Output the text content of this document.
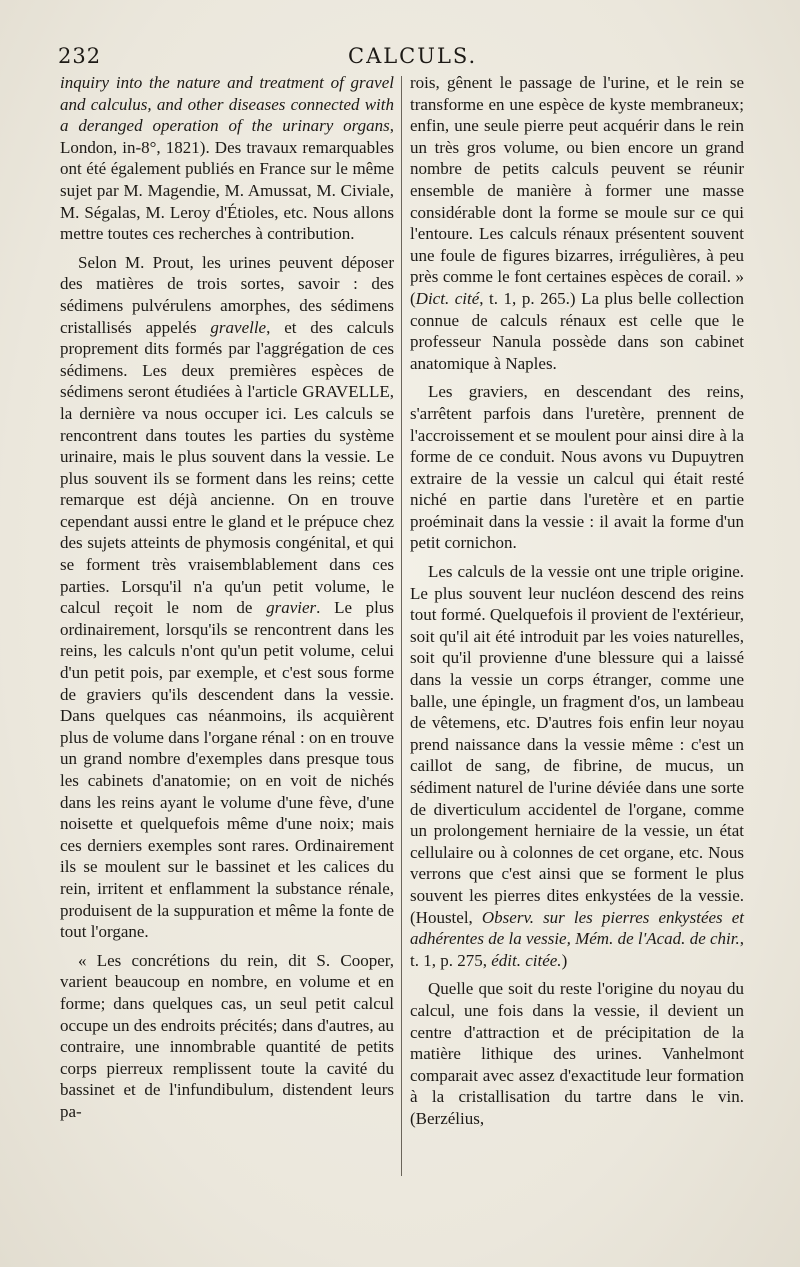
232	CALCULS.

inquiry into the nature and treatment of gravel and calculus, and other diseases connected with a deranged operation of the urinary organs, London, in-8°, 1821). Des travaux remarquables ont été également publiés en France sur le même sujet par M. Magendie, M. Amussat, M. Civiale, M. Ségalas, M. Leroy d'Étioles, etc. Nous allons mettre toutes ces recherches à contribution.

Selon M. Prout, les urines peuvent déposer des matières de trois sortes, savoir : des sédimens pulvérulens amorphes, des sédimens cristallisés appelés gravelle, et des calculs proprement dits formés par l'aggrégation de ces sédimens. Les deux premières espèces de sédimens seront étudiées à l'article GRAVELLE, la dernière va nous occuper ici. Les calculs se rencontrent dans toutes les parties du système urinaire, mais le plus souvent dans la vessie. Le plus souvent ils se forment dans les reins; cette remarque est déjà ancienne. On en trouve cependant aussi entre le gland et le prépuce chez des sujets atteints de phymosis congénital, et qui se forment très vraisemblablement dans ces parties. Lorsqu'il n'a qu'un petit volume, le calcul reçoit le nom de gravier. Le plus ordinairement, lorsqu'ils se rencontrent dans les reins, les calculs n'ont qu'un petit volume, celui d'un petit pois, par exemple, et c'est sous forme de graviers qu'ils descendent dans la vessie. Dans quelques cas néanmoins, ils acquièrent plus de volume dans l'organe rénal : on en trouve un grand nombre d'exemples dans presque tous les cabinets d'anatomie; on en voit de nichés dans les reins ayant le volume d'une fève, d'une noisette et quelquefois même d'une noix; mais ces derniers exemples sont rares. Ordinairement ils se moulent sur le bassinet et les calices du rein, irritent et enflamment la substance rénale, produisent de la suppuration et même la fonte de tout l'organe.

« Les concrétions du rein, dit S. Cooper, varient beaucoup en nombre, en volume et en forme; dans quelques cas, un seul petit calcul occupe un des endroits précités; dans d'autres, au contraire, une innombrable quantité de petits corps pierreux remplissent toute la cavité du bassinet et de l'infundibulum, distendent leurs pa-

rois, gênent le passage de l'urine, et le rein se transforme en une espèce de kyste membraneux; enfin, une seule pierre peut acquérir dans le rein un très gros volume, ou bien encore un grand nombre de petits calculs peuvent se réunir ensemble de manière à former une masse considérable dont la forme se moule sur ce qui l'entoure. Les calculs rénaux présentent souvent une foule de figures bizarres, irrégulières, à peu près comme le font certaines espèces de corail. » (Dict. cité, t. 1, p. 265.) La plus belle collection connue de calculs rénaux est celle que le professeur Nanula possède dans son cabinet anatomique à Naples.

Les graviers, en descendant des reins, s'arrêtent parfois dans l'uretère, prennent de l'accroissement et se moulent pour ainsi dire à la forme de ce conduit. Nous avons vu Dupuytren extraire de la vessie un calcul qui était resté niché en partie dans l'uretère et en partie proéminait dans la vessie : il avait la forme d'un petit cornichon.

Les calculs de la vessie ont une triple origine. Le plus souvent leur nucléon descend des reins tout formé. Quelquefois il provient de l'extérieur, soit qu'il ait été introduit par les voies naturelles, soit qu'il provienne d'une blessure qui a laissé dans la vessie un corps étranger, comme une balle, une épingle, un fragment d'os, un lambeau de vêtemens, etc. D'autres fois enfin leur noyau prend naissance dans la vessie même : c'est un caillot de sang, de fibrine, de mucus, un sédiment naturel de l'urine déviée dans une sorte de diverticulum accidentel de l'organe, comme un prolongement herniaire de la vessie, un état cellulaire ou à colonnes de cet organe, etc. Nous verrons que c'est ainsi que se forment le plus souvent les pierres dites enkystées de la vessie. (Houstel, Observ. sur les pierres enkystées et adhérentes de la vessie, Mém. de l'Acad. de chir., t. 1, p. 275, édit. citée.)

Quelle que soit du reste l'origine du noyau du calcul, une fois dans la vessie, il devient un centre d'attraction et de précipitation de la matière lithique des urines. Vanhelmont comparait avec assez d'exactitude leur formation à la cristallisation du tartre dans le vin. (Berzélius,
